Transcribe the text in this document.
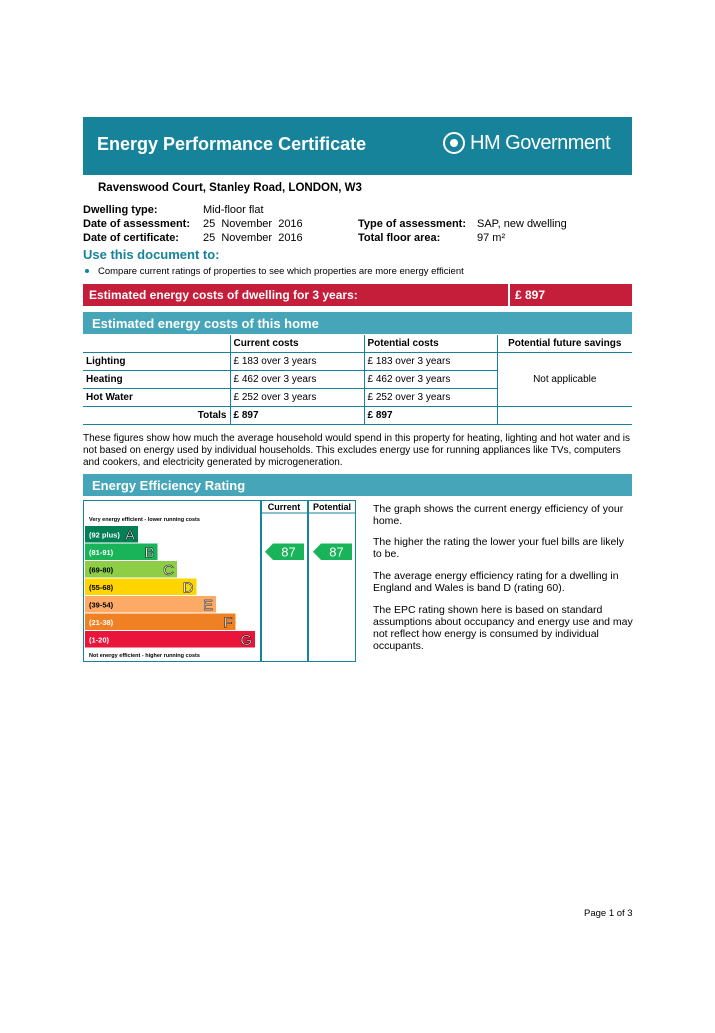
Energy Performance Certificate	HM Government
Ravenswood Court, Stanley Road, LONDON, W3
Dwelling type:	Mid-floor flat
Date of assessment: 25  November  2016
Date of certificate: 25  November  2016
Type of assessment: SAP, new dwelling
Total floor area:	97 m²
Use this document to:
Compare current ratings of properties to see which properties are more energy efficient
Estimated energy costs of dwelling for 3 years:	£ 897
Estimated energy costs of this home
	Current costs	Potential costs	Potential future savings
Lighting	£ 183 over 3 years	£ 183 over 3 years	Not applicable
Heating	£ 462 over 3 years	£ 462 over 3 years	
Hot Water	£ 252 over 3 years	£ 252 over 3 years	
Totals	£ 897	£ 897	
These figures show how much the average household would spend in this property for heating, lighting and hot water and is not based on energy used by individual households. This excludes energy use for running appliances like TVs, computers and cookers, and electricity generated by microgeneration.
Energy Efficiency Rating
Current Potential
Very energy efficient - lower running costs
Not energy efficient - higher running costs
(92 plus) A
(81-91) B
(69-80)	C
(55-68)	D
(39-54)	E
(21-38)	F
(1-20)	G
87	87
The graph shows the current energy efficiency of your home.
The higher the rating the lower your fuel bills are likely to be.
The average energy efficiency rating for a dwelling in England and Wales is band D (rating 60).
The EPC rating shown here is based on standard assumptions about occupancy and energy use and may not reflect how energy is consumed by individual occupants.
Page 1 of 3
